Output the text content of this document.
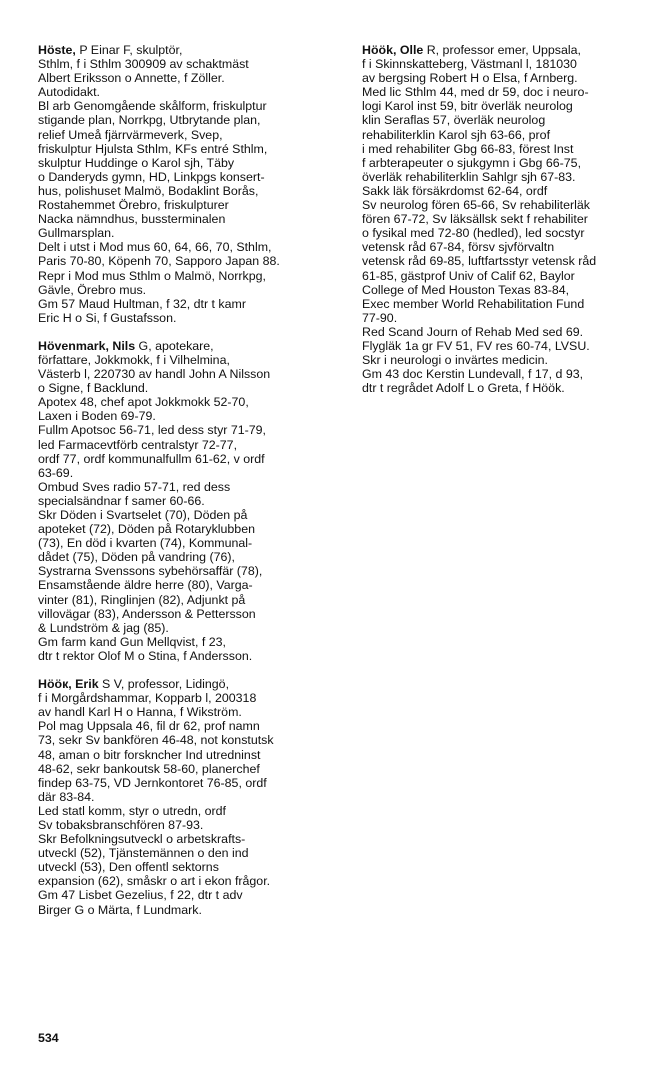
Höste, P Einar F, skulptör,
Sthlm, f i Sthlm 300909 av schaktmäst
Albert Eriksson o Annette, f Zöller.
Autodidakt.
Bl arb Genomgående skålform, friskulptur
stigande plan, Norrkpg, Utbrytande plan,
relief Umeå fjärrvärmeverk, Svep,
friskulptur Hjulsta Sthlm, KFs entré Sthlm,
skulptur Huddinge o Karol sjh, Täby
o Danderyds gymn, HD, Linkpgs konsert-
hus, polishuset Malmö, Bodaklint Borås,
Rostahemmet Örebro, friskulpturer
Nacka nämndhus, bussterminalen
Gullmarsplan.
Delt i utst i Mod mus 60, 64, 66, 70, Sthlm,
Paris 70-80, Köpenh 70, Sapporo Japan 88.
Repr i Mod mus Sthlm o Malmö, Norrkpg,
Gävle, Örebro mus.
Gm 57 Maud Hultman, f 32, dtr t kamr
Eric H o Si, f Gustafsson.
Hövenmark, Nils G, apotekare,
författare, Jokkmokk, f i Vilhelmina,
Västerb l, 220730 av handl John A Nilsson
o Signe, f Backlund.
Apotex 48, chef apot Jokkmokk 52-70,
Laxen i Boden 69-79.
Fullm Apotsoc 56-71, led dess styr 71-79,
led Farmacevtförb centralstyr 72-77,
ordf 77, ordf kommunalfullm 61-62, v ordf
63-69.
Ombud Sves radio 57-71, red dess
specialsändnar f samer 60-66.
Skr Döden i Svartselet (70), Döden på
apoteket (72), Döden på Rotaryklubben
(73), En död i kvarten (74), Kommunal-
dådet (75), Döden på vandring (76),
Systrarna Svenssons sybehörsaffär (78),
Ensamstående äldre herre (80), Varga-
vinter (81), Ringlinjen (82), Adjunkt på
villovägar (83), Andersson & Pettersson
& Lundström & jag (85).
Gm farm kand Gun Mellqvist, f 23,
dtr t rektor Olof M o Stina, f Andersson.
Hööк, Erik S V, professor, Lidingö,
f i Morgårdshammar, Kopparb l, 200318
av handl Karl H o Hanna, f Wikström.
Pol mag Uppsala 46, fil dr 62, prof namn
73, sekr Sv bankfören 46-48, not konstutsk
48, aman o bitr forskncher Ind utredninst
48-62, sekr bankoutsk 58-60, planerchef
findep 63-75, VD Jernkontoret 76-85, ordf
där 83-84.
Led statl komm, styr o utredn, ordf
Sv tobaksbranschfören 87-93.
Skr Befolkningsutveckl o arbetskrafts-
utveckl (52), Tjänstemännen o den ind
utveckl (53), Den offentl sektorns
expansion (62), småskr o art i ekon frågor.
Gm 47 Lisbet Gezelius, f 22, dtr t adv
Birger G o Märta, f Lundmark.
Höök, Olle R, professor emer, Uppsala,
f i Skinnskatteberg, Västmanl l, 181030
av bergsing Robert H o Elsa, f Arnberg.
Med lic Sthlm 44, med dr 59, doc i neuro-
logi Karol inst 59, bitr överläk neurolog
klin Seraflas 57, överläk neurolog
rehabiliterklin Karol sjh 63-66, prof
i med rehabiliter Gbg 66-83, förest Inst
f arbterapeuter o sjukgymn i Gbg 66-75,
överläk rehabiliterklin Sahlgr sjh 67-83.
Sakk läk försäkrdomst 62-64, ordf
Sv neurolog fören 65-66, Sv rehabiliterläk
fören 67-72, Sv läksällsk sekt f rehabiliter
o fysikal med 72-80 (hedled), led socstyr
vetensk råd 67-84, försv sjvförvaltn
vetensk råd 69-85, luftfartsstyr vetensk råd
61-85, gästprof Univ of Calif 62, Baylor
College of Med Houston Texas 83-84,
Exec member World Rehabilitation Fund
77-90.
Red Scand Journ of Rehab Med sed 69.
Flygläk 1a gr FV 51, FV res 60-74, LVSU.
Skr i neurologi o invärtes medicin.
Gm 43 doc Kerstin Lundevall, f 17, d 93,
dtr t regrådet Adolf L o Greta, f Höök.
534
